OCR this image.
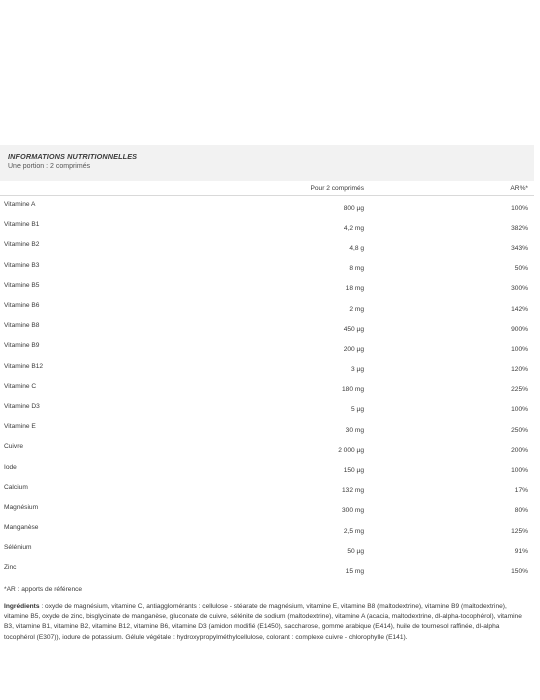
INFORMATIONS NUTRITIONNELLES
Une portion : 2 comprimés
	Pour 2 comprimés	AR%*
Vitamine A	800 µg	100%
Vitamine B1	4,2 mg	382%
Vitamine B2	4,8 g	343%
Vitamine B3	8 mg	50%
Vitamine B5	18 mg	300%
Vitamine B6	2 mg	142%
Vitamine B8	450 µg	900%
Vitamine B9	200 µg	100%
Vitamine B12	3 µg	120%
Vitamine C	180 mg	225%
Vitamine D3	5 µg	100%
Vitamine E	30 mg	250%
Cuivre	2 000 µg	200%
Iode	150 µg	100%
Calcium	132 mg	17%
Magnésium	300 mg	80%
Manganèse	2,5 mg	125%
Sélénium	50 µg	91%
Zinc	15 mg	150%
*AR : apports de référence
Ingrédients : oxyde de magnésium, vitamine C, antiagglomérants : cellulose - stéarate de magnésium, vitamine E, vitamine B8 (maltodextrine), vitamine B9 (maltodextrine), vitamine B5, oxyde de zinc, bisglycinate de manganèse, gluconate de cuivre, sélénite de sodium (maltodextrine), vitamine A (acacia, maltodextrine, dl-alpha-tocophérol), vitamine B3, vitamine B1, vitamine B2, vitamine B12, vitamine B6, vitamine D3 (amidon modifié (E1450), saccharose, gomme arabique (E414), huile de tournesol raffinée, dl-alpha tocophérol (E307)), iodure de potassium. Gélule végétale : hydroxypropylméthylcellulose, colorant : complexe cuivre - chlorophylle (E141).
